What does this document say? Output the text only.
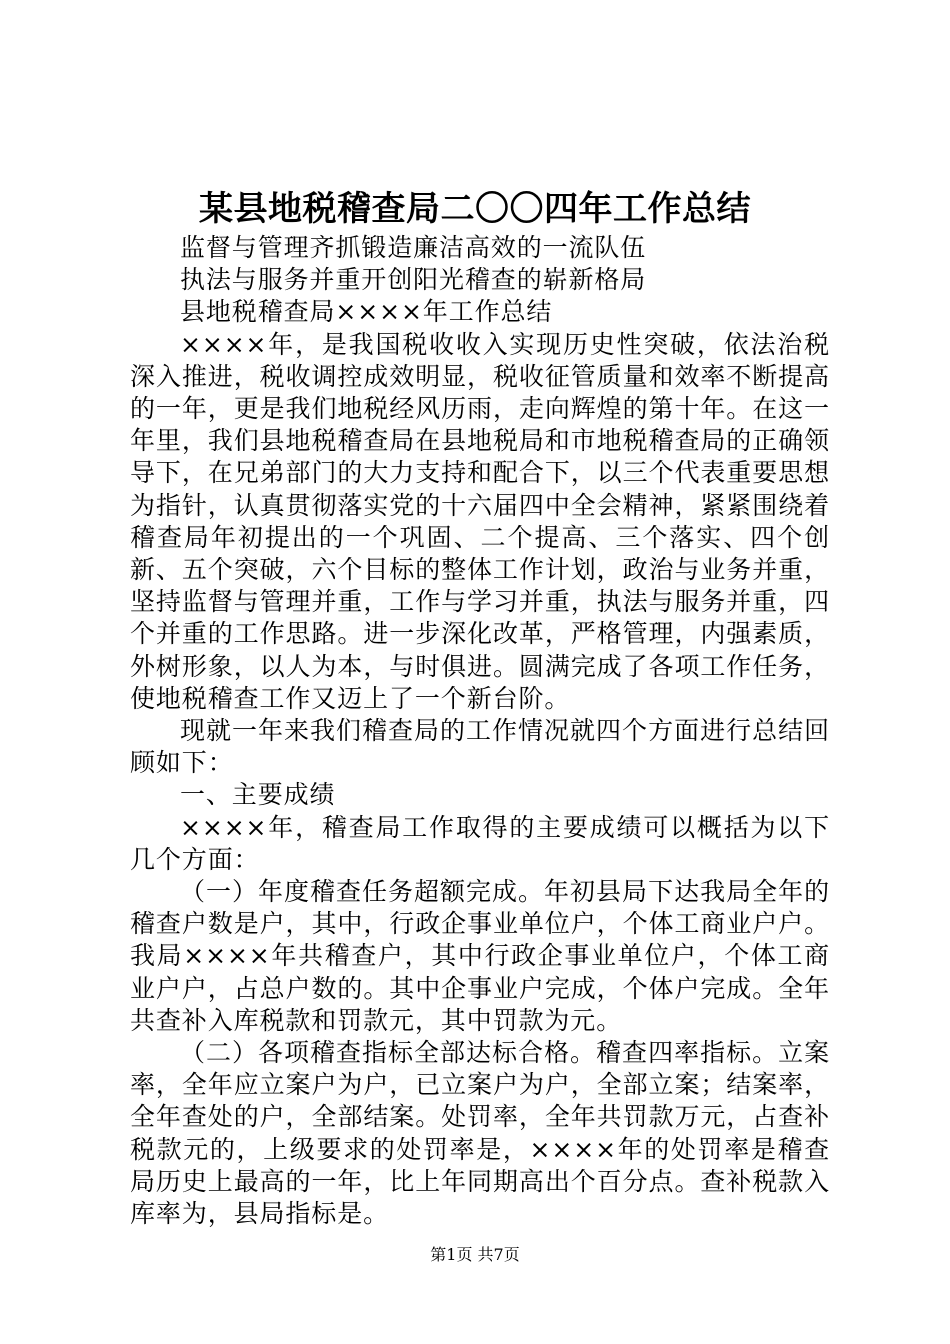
某县地税稽查局二〇〇四年工作总结

监督与管理齐抓锻造廉洁高效的一流队伍

执法与服务并重开创阳光稽查的崭新格局

县地税稽查局××××年工作总结

××××年，是我国税收收入实现历史性突破，依法治税深入推进，税收调控成效明显，税收征管质量和效率不断提高的一年，更是我们地税经风历雨，走向辉煌的第十年。在这一年里，我们县地税稽查局在县地税局和市地税稽查局的正确领导下，在兄弟部门的大力支持和配合下，以三个代表重要思想为指针，认真贯彻落实党的十六届四中全会精神，紧紧围绕着稽查局年初提出的一个巩固、二个提高、三个落实、四个创新、五个突破，六个目标的整体工作计划，政治与业务并重，坚持监督与管理并重，工作与学习并重，执法与服务并重，四个并重的工作思路。进一步深化改革，严格管理，内强素质，外树形象，以人为本，与时俱进。圆满完成了各项工作任务，使地税稽查工作又迈上了一个新台阶。

现就一年来我们稽查局的工作情况就四个方面进行总结回顾如下：

一、主要成绩

××××年，稽查局工作取得的主要成绩可以概括为以下几个方面：

（一）年度稽查任务超额完成。年初县局下达我局全年的稽查户数是户，其中，行政企事业单位户，个体工商业户户。我局××××年共稽查户，其中行政企事业单位户，个体工商业户户，占总户数的。其中企事业户完成，个体户完成。全年共查补入库税款和罚款元，其中罚款为元。

（二）各项稽查指标全部达标合格。稽查四率指标。立案率，全年应立案户为户，已立案户为户，全部立案；结案率，全年查处的户，全部结案。处罚率，全年共罚款万元，占查补税款元的，上级要求的处罚率是，××××年的处罚率是稽查局历史上最高的一年，比上年同期高出个百分点。查补税款入库率为，县局指标是。

第1页 共7页
